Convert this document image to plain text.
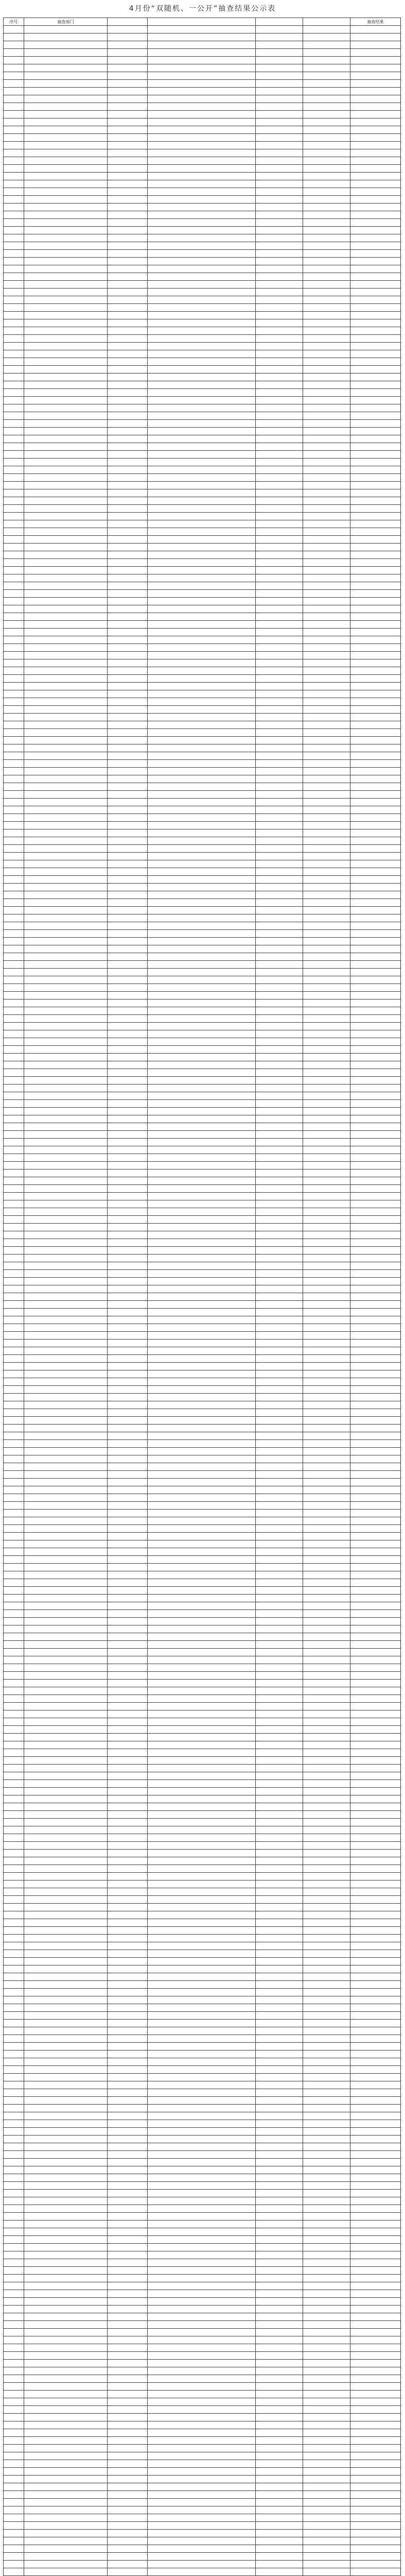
4月份“双随机、一公开”抽查结果公示表
序号	抽查部门					抽查结果
